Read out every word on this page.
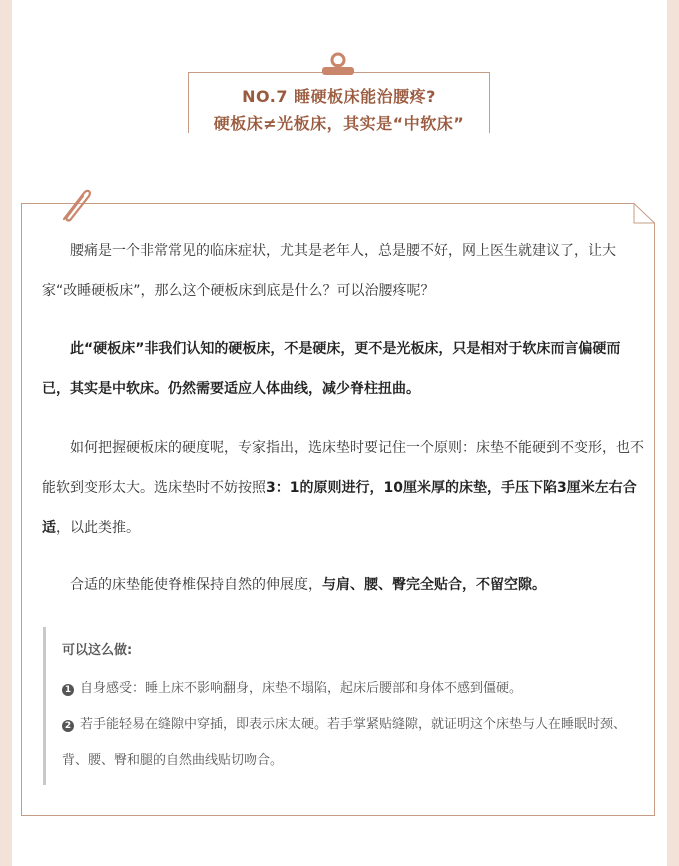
NO.7 睡硬板床能治腰疼?
硬板床≠光板床，其实是“中软床”

腰痛是一个非常常见的临床症状，尤其是老年人，总是腰不好，网上医生就建议了，让大家“改睡硬板床”，那么这个硬板床到底是什么？可以治腰疼呢？

此“硬板床”非我们认知的硬板床，不是硬床，更不是光板床，只是相对于软床而言偏硬而已，其实是中软床。仍然需要适应人体曲线，减少脊柱扭曲。

如何把握硬板床的硬度呢，专家指出，选床垫时要记住一个原则：床垫不能硬到不变形，也不能软到变形太大。选床垫时不妨按照3：1的原则进行，10厘米厚的床垫，手压下陷3厘米左右合适，以此类推。

合适的床垫能使脊椎保持自然的伸展度，与肩、腰、臀完全贴合，不留空隙。

可以这么做:

1 自身感受：睡上床不影响翻身，床垫不塌陷，起床后腰部和身体不感到僵硬。

2 若手能轻易在缝隙中穿插，即表示床太硬。若手掌紧贴缝隙，就证明这个床垫与人在睡眠时颈、背、腰、臀和腿的自然曲线贴切吻合。
